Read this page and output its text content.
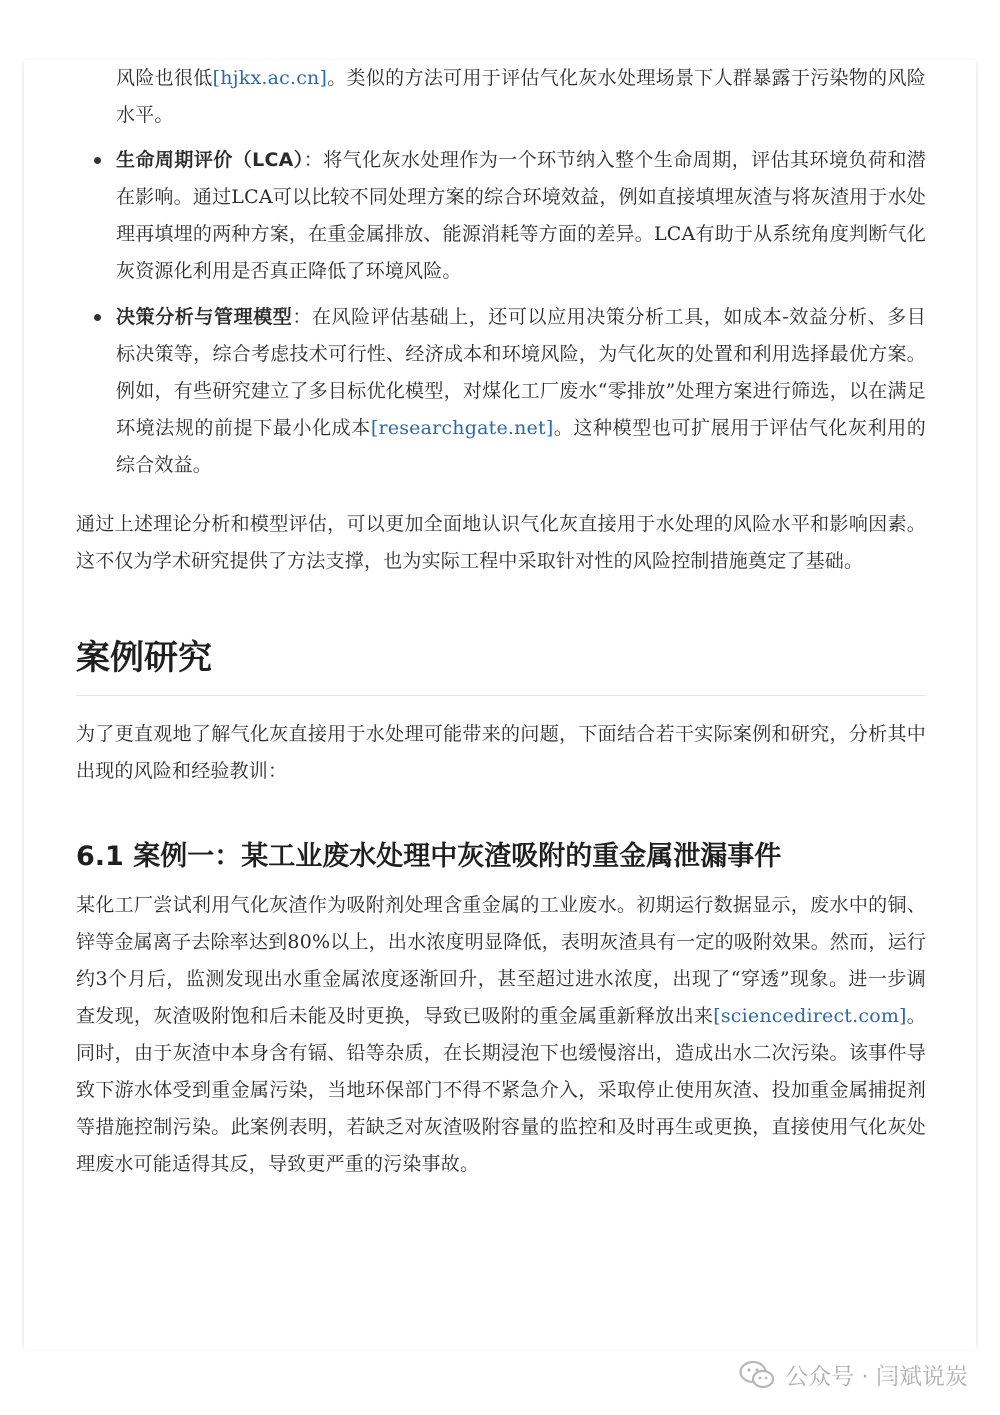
风险也很低[hjkx.ac.cn]。类似的方法可用于评估气化灰水处理场景下人群暴露于污染物的风险水平。

生命周期评价（LCA）：将气化灰水处理作为一个环节纳入整个生命周期，评估其环境负荷和潜在影响。通过LCA可以比较不同处理方案的综合环境效益，例如直接填埋灰渣与将灰渣用于水处理再填埋的两种方案，在重金属排放、能源消耗等方面的差异。LCA有助于从系统角度判断气化灰资源化利用是否真正降低了环境风险。
决策分析与管理模型：在风险评估基础上，还可以应用决策分析工具，如成本-效益分析、多目标决策等，综合考虑技术可行性、经济成本和环境风险，为气化灰的处置和利用选择最优方案。例如，有些研究建立了多目标优化模型，对煤化工厂废水“零排放”处理方案进行筛选，以在满足环境法规的前提下最小化成本[researchgate.net]。这种模型也可扩展用于评估气化灰利用的综合效益。

通过上述理论分析和模型评估，可以更加全面地认识气化灰直接用于水处理的风险水平和影响因素。这不仅为学术研究提供了方法支撑，也为实际工程中采取针对性的风险控制措施奠定了基础。

案例研究

为了更直观地了解气化灰直接用于水处理可能带来的问题，下面结合若干实际案例和研究，分析其中出现的风险和经验教训：

6.1 案例一：某工业废水处理中灰渣吸附的重金属泄漏事件

某化工厂尝试利用气化灰渣作为吸附剂处理含重金属的工业废水。初期运行数据显示，废水中的铜、锌等金属离子去除率达到80%以上，出水浓度明显降低，表明灰渣具有一定的吸附效果。然而，运行约3个月后，监测发现出水重金属浓度逐渐回升，甚至超过进水浓度，出现了“穿透”现象。进一步调查发现，灰渣吸附饱和后未能及时更换，导致已吸附的重金属重新释放出来[sciencedirect.com]。同时，由于灰渣中本身含有镉、铅等杂质，在长期浸泡下也缓慢溶出，造成出水二次污染。该事件导致下游水体受到重金属污染，当地环保部门不得不紧急介入，采取停止使用灰渣、投加重金属捕捉剂等措施控制污染。此案例表明，若缺乏对灰渣吸附容量的监控和及时再生或更换，直接使用气化灰处理废水可能适得其反，导致更严重的污染事故。

公众号 · 闫斌说炭
